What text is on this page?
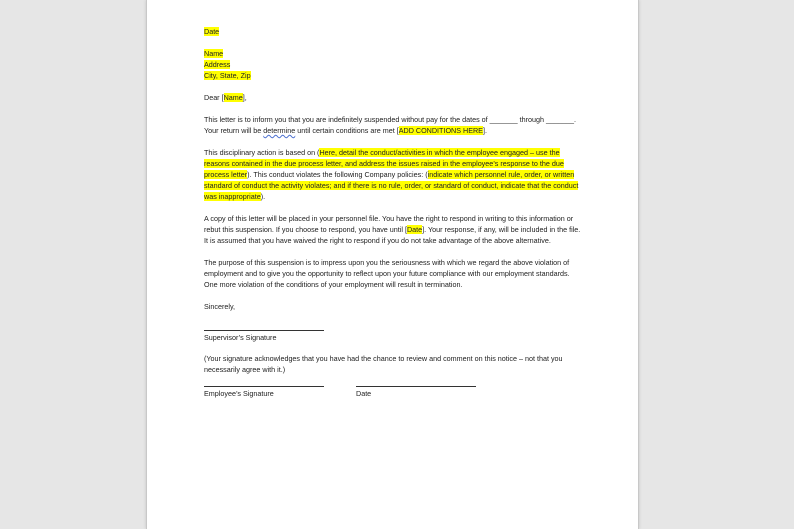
Date

Name
Address
City, State, Zip

Dear [Name],

This letter is to inform you that you are indefinitely suspended without pay for the dates of _______ through _______. Your return will be determine until certain conditions are met [ADD CONDITIONS HERE].

This disciplinary action is based on (Here, detail the conduct/activities in which the employee engaged – use the reasons contained in the due process letter, and address the issues raised in the employee’s response to the due process letter). This conduct violates the following Company policies: (indicate which personnel rule, order, or written standard of conduct the activity violates; and if there is no rule, order, or standard of conduct, indicate that the conduct was inappropriate).

A copy of this letter will be placed in your personnel file. You have the right to respond in writing to this information or rebut this suspension. If you choose to respond, you have until [Date]. Your response, if any, will be included in the file. It is assumed that you have waived the right to respond if you do not take advantage of the above alternative.

The purpose of this suspension is to impress upon you the seriousness with which we regard the above violation of employment and to give you the opportunity to reflect upon your future compliance with our employment standards. One more violation of the conditions of your employment will result in termination.

Sincerely,

Supervisor’s Signature

(Your signature acknowledges that you have had the chance to review and comment on this notice – not that you necessarily agree with it.)

Employee’s Signature	Date
